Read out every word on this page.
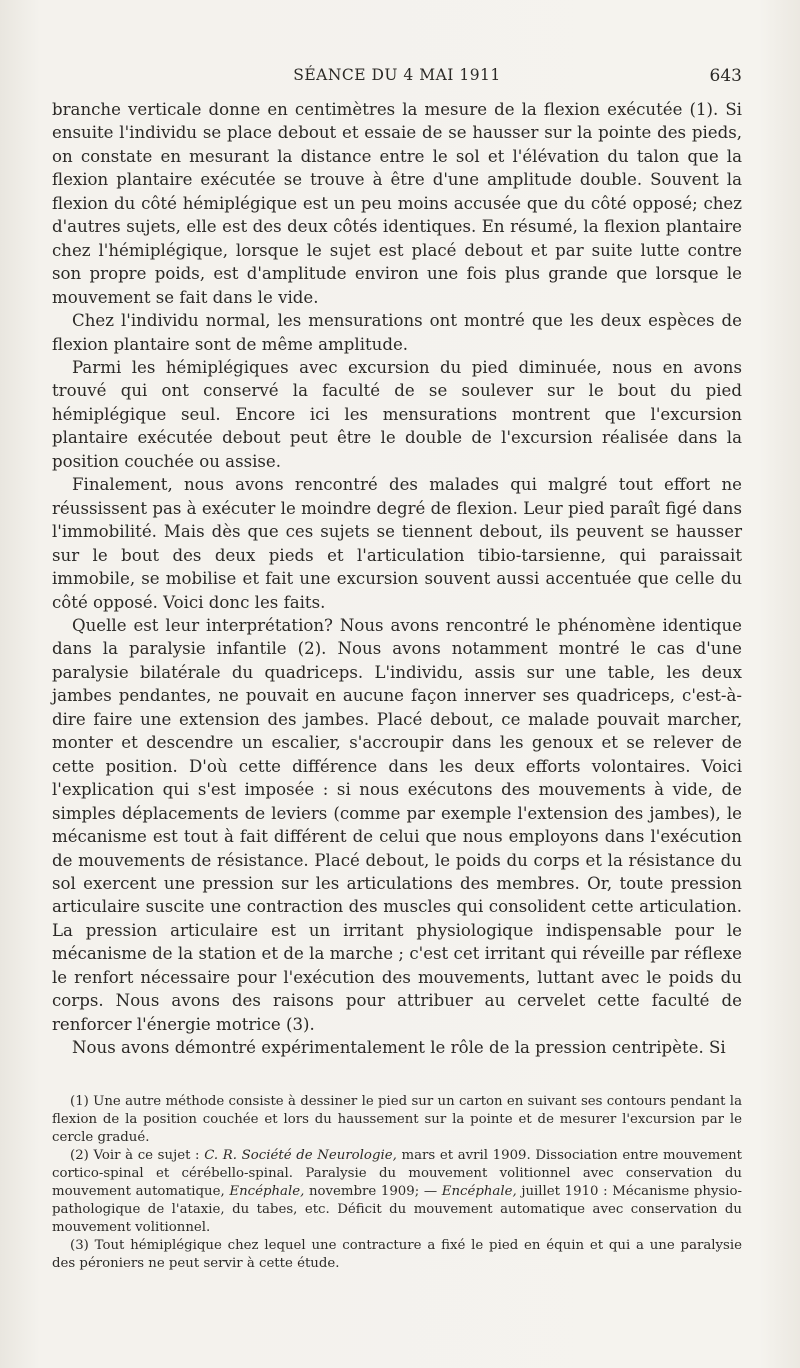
SÉANCE DU 4 MAI 1911	643

branche verticale donne en centimètres la mesure de la flexion exécutée (1). Si ensuite l'individu se place debout et essaie de se hausser sur la pointe des pieds, on constate en mesurant la distance entre le sol et l'élévation du talon que la flexion plantaire exécutée se trouve à être d'une amplitude double. Souvent la flexion du côté hémiplégique est un peu moins accusée que du côté opposé; chez d'autres sujets, elle est des deux côtés identiques. En résumé, la flexion plantaire chez l'hémiplégique, lorsque le sujet est placé debout et par suite lutte contre son propre poids, est d'amplitude environ une fois plus grande que lorsque le mouvement se fait dans le vide.

Chez l'individu normal, les mensurations ont montré que les deux espèces de flexion plantaire sont de même amplitude.

Parmi les hémiplégiques avec excursion du pied diminuée, nous en avons trouvé qui ont conservé la faculté de se soulever sur le bout du pied hémiplégique seul. Encore ici les mensurations montrent que l'excursion plantaire exécutée debout peut être le double de l'excursion réalisée dans la position couchée ou assise.

Finalement, nous avons rencontré des malades qui malgré tout effort ne réussissent pas à exécuter le moindre degré de flexion. Leur pied paraît figé dans l'immobilité. Mais dès que ces sujets se tiennent debout, ils peuvent se hausser sur le bout des deux pieds et l'articulation tibio-tarsienne, qui paraissait immobile, se mobilise et fait une excursion souvent aussi accentuée que celle du côté opposé. Voici donc les faits.

Quelle est leur interprétation? Nous avons rencontré le phénomène identique dans la paralysie infantile (2). Nous avons notamment montré le cas d'une paralysie bilatérale du quadriceps. L'individu, assis sur une table, les deux jambes pendantes, ne pouvait en aucune façon innerver ses quadriceps, c'est-à-dire faire une extension des jambes. Placé debout, ce malade pouvait marcher, monter et descendre un escalier, s'accroupir dans les genoux et se relever de cette position. D'où cette différence dans les deux efforts volontaires. Voici l'explication qui s'est imposée : si nous exécutons des mouvements à vide, de simples déplacements de leviers (comme par exemple l'extension des jambes), le mécanisme est tout à fait différent de celui que nous employons dans l'exécution de mouvements de résistance. Placé debout, le poids du corps et la résistance du sol exercent une pression sur les articulations des membres. Or, toute pression articulaire suscite une contraction des muscles qui consolident cette articulation. La pression articulaire est un irritant physiologique indispensable pour le mécanisme de la station et de la marche ; c'est cet irritant qui réveille par réflexe le renfort nécessaire pour l'exécution des mouvements, luttant avec le poids du corps. Nous avons des raisons pour attribuer au cervelet cette faculté de renforcer l'énergie motrice (3).

Nous avons démontré expérimentalement le rôle de la pression centripète. Si

(1) Une autre méthode consiste à dessiner le pied sur un carton en suivant ses contours pendant la flexion de la position couchée et lors du haussement sur la pointe et de mesurer l'excursion par le cercle gradué.

(2) Voir à ce sujet : C. R. Société de Neurologie, mars et avril 1909. Dissociation entre mouvement cortico-spinal et cérébello-spinal. Paralysie du mouvement volitionnel avec conservation du mouvement automatique, Encéphale, novembre 1909; — Encéphale, juillet 1910 : Mécanisme physio-pathologique de l'ataxie, du tabes, etc. Déficit du mouvement automatique avec conservation du mouvement volitionnel.

(3) Tout hémiplégique chez lequel une contracture a fixé le pied en équin et qui a une paralysie des péroniers ne peut servir à cette étude.
